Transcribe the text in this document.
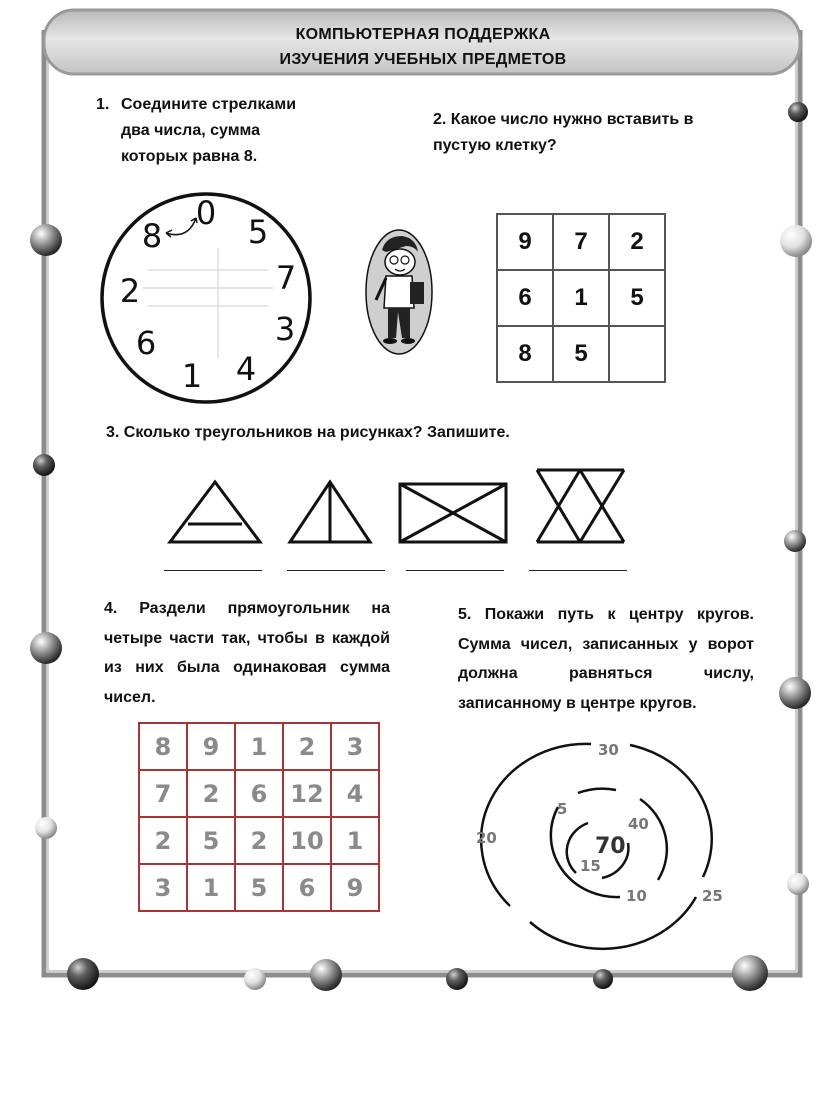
КОМПЬЮТЕРНАЯ ПОДДЕРЖКА
ИЗУЧЕНИЯ УЧЕБНЫХ ПРЕДМЕТОВ
1. Соедините стрелками
два числа, сумма
которых равна 8.
0 5
7
3
4
1
6
2
8
2. Какое число нужно вставить в пустую клетку?
9	7	2
6	1	5
8	5	
3. Сколько треугольников на рисунках? Запишите.
4. Раздели прямоугольник на четыре части так, чтобы в каждой из них была одинаковая сумма чисел.
8	9	1	2	3
7	2	6	12	4
2	5	2	10	1
3	1	5	6	9
5. Покажи путь к центру кругов. Сумма чисел, записанных у ворот должна равняться числу, записанному в центре кругов.
30
5
40
70
15
20
10	25
